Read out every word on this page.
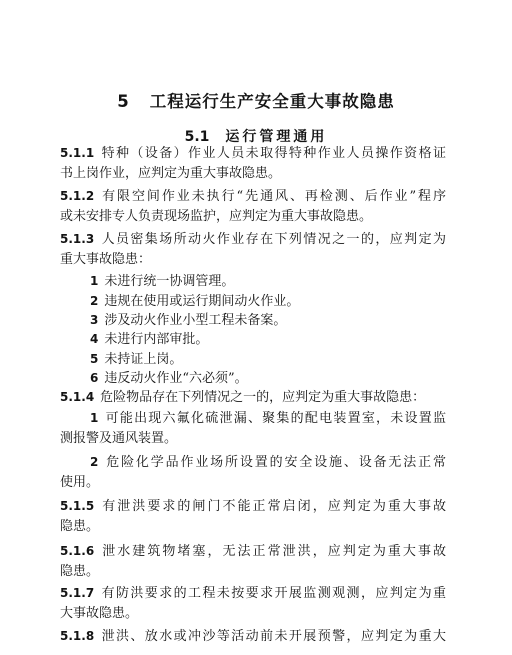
5 工程运行生产安全重大事故隐患
5.1 运行管理通用
5.1.1 特种（设备）作业人员未取得特种作业人员操作资格证
书上岗作业，应判定为重大事故隐患。
5.1.2 有限空间作业未执行“先通风、再检测、后作业”程序
或未安排专人负责现场监护，应判定为重大事故隐患。
5.1.3 人员密集场所动火作业存在下列情况之一的，应判定为
重大事故隐患：
1 未进行统一协调管理。
2 违规在使用或运行期间动火作业。
3 涉及动火作业小型工程未备案。
4 未进行内部审批。
5 未持证上岗。
6 违反动火作业“六必须”。
5.1.4 危险物品存在下列情况之一的，应判定为重大事故隐患：
1 可能出现六氟化硫泄漏、聚集的配电装置室，未设置监
测报警及通风装置。
2 危险化学品作业场所设置的安全设施、设备无法正常
使用。
5.1.5 有泄洪要求的闸门不能正常启闭，应判定为重大事故
隐患。
5.1.6 泄水建筑物堵塞，无法正常泄洪，应判定为重大事故
隐患。
5.1.7 有防洪要求的工程未按要求开展监测观测，应判定为重
大事故隐患。
5.1.8 泄洪、放水或冲沙等活动前未开展预警，应判定为重大
